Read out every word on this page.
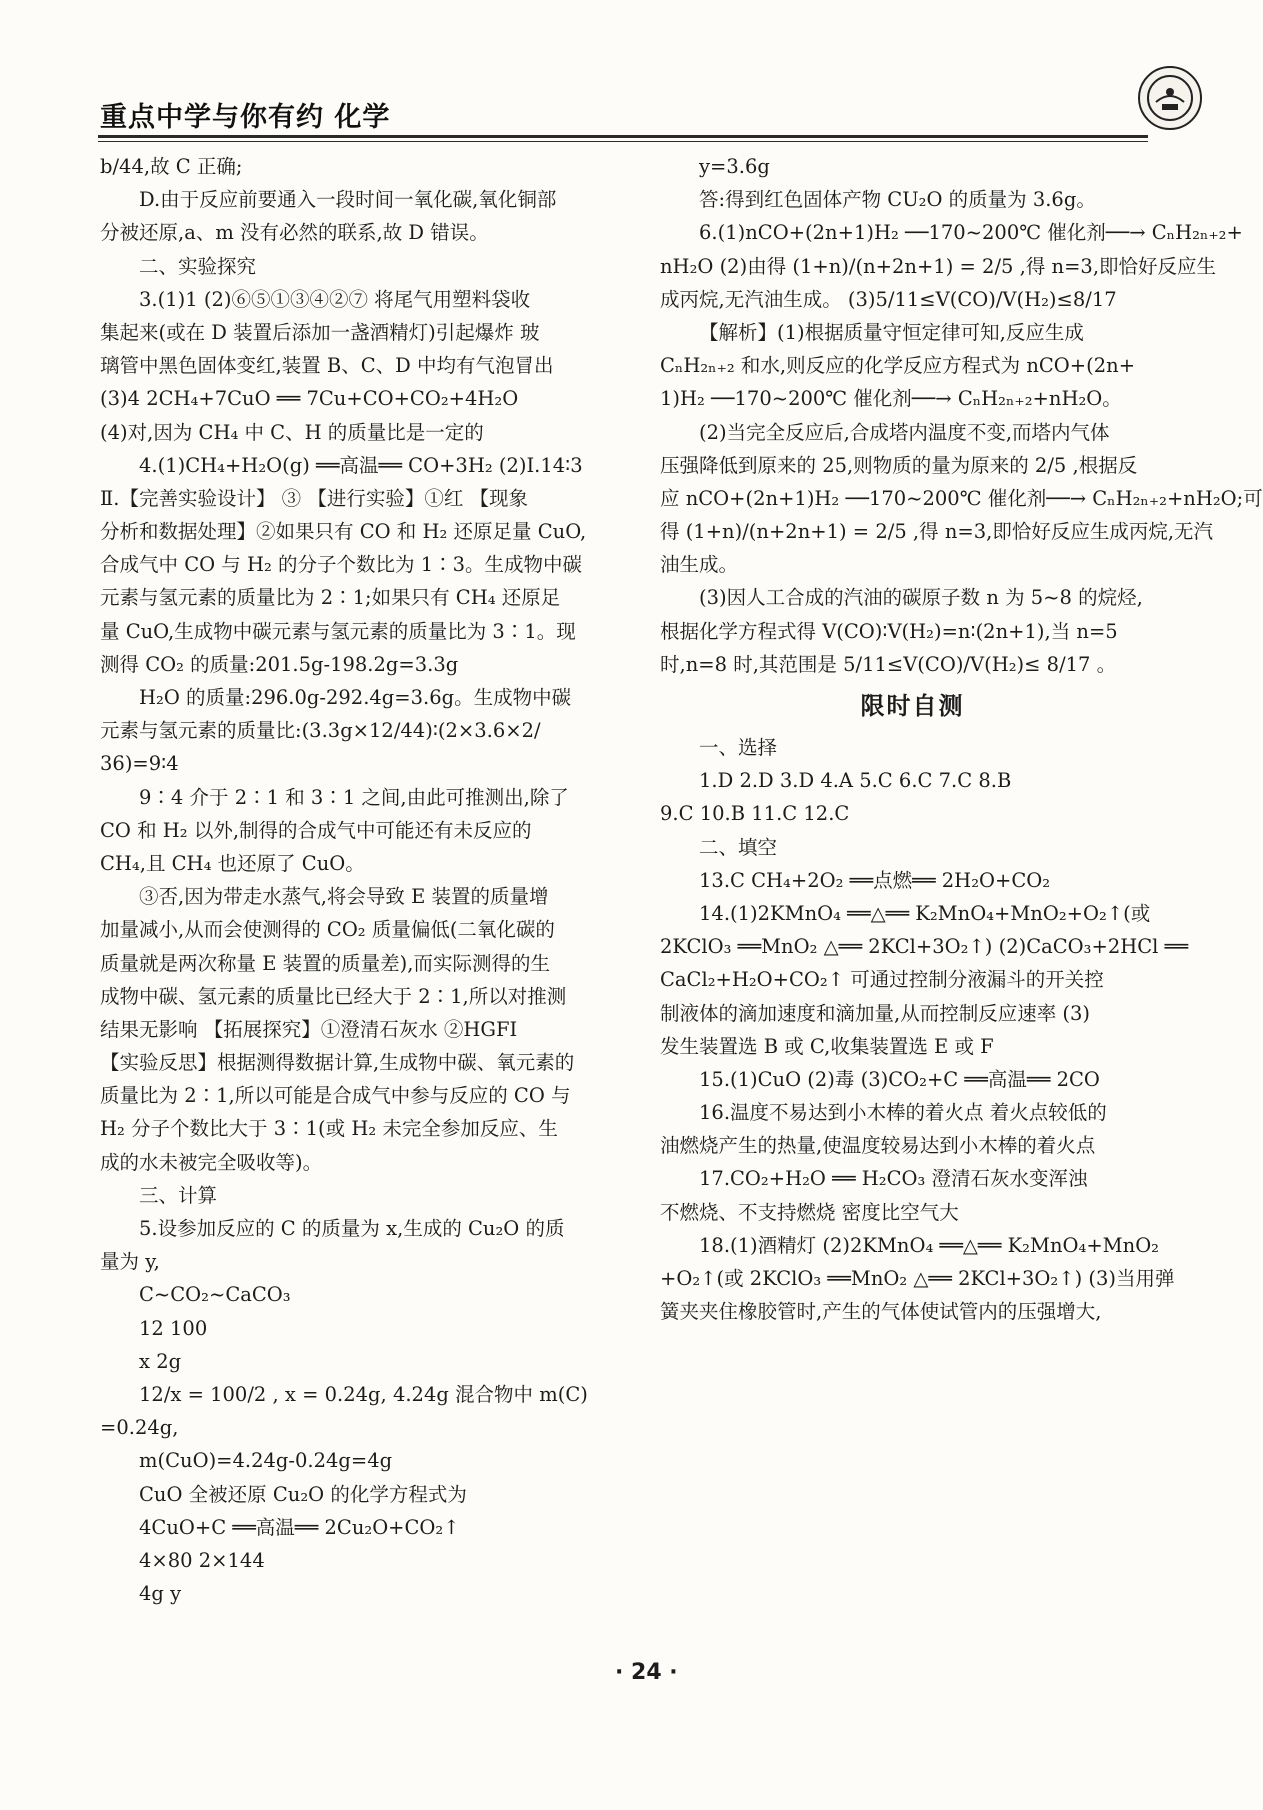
重点中学与你有约 化学
b/44,故 C 正确;
D.由于反应前要通入一段时间一氧化碳,氧化铜部
分被还原,a、m 没有必然的联系,故 D 错误。
二、实验探究
3.(1)1 (2)⑥⑤①③④②⑦ 将尾气用塑料袋收
集起来(或在 D 装置后添加一盏酒精灯)引起爆炸 玻
璃管中黑色固体变红,装置 B、C、D 中均有气泡冒出
(3)4 2CH₄+7CuO ══ 7Cu+CO+CO₂+4H₂O
(4)对,因为 CH₄ 中 C、H 的质量比是一定的
4.(1)CH₄+H₂O(g) ══高温══ CO+3H₂ (2)Ⅰ.14∶3
Ⅱ.【完善实验设计】 ③ 【进行实验】①红 【现象
分析和数据处理】②如果只有 CO 和 H₂ 还原足量 CuO,
合成气中 CO 与 H₂ 的分子个数比为 1∶3。生成物中碳
元素与氢元素的质量比为 2∶1;如果只有 CH₄ 还原足
量 CuO,生成物中碳元素与氢元素的质量比为 3∶1。现
测得 CO₂ 的质量:201.5g-198.2g=3.3g
H₂O 的质量:296.0g-292.4g=3.6g。生成物中碳
元素与氢元素的质量比:(3.3g×12/44)∶(2×3.6×2/
36)=9∶4
9∶4 介于 2∶1 和 3∶1 之间,由此可推测出,除了
CO 和 H₂ 以外,制得的合成气中可能还有未反应的
CH₄,且 CH₄ 也还原了 CuO。
③否,因为带走水蒸气,将会导致 E 装置的质量增
加量减小,从而会使测得的 CO₂ 质量偏低(二氧化碳的
质量就是两次称量 E 装置的质量差),而实际测得的生
成物中碳、氢元素的质量比已经大于 2∶1,所以对推测
结果无影响 【拓展探究】①澄清石灰水 ②HGFI
【实验反思】根据测得数据计算,生成物中碳、氧元素的
质量比为 2∶1,所以可能是合成气中参与反应的 CO 与
H₂ 分子个数比大于 3∶1(或 H₂ 未完全参加反应、生
成的水未被完全吸收等)。
三、计算
5.设参加反应的 C 的质量为 x,生成的 Cu₂O 的质
量为 y,
C~CO₂~CaCO₃
12 100
x 2g
12/x = 100/2 , x = 0.24g, 4.24g 混合物中 m(C)
=0.24g,
m(CuO)=4.24g-0.24g=4g
CuO 全被还原 Cu₂O 的化学方程式为
4CuO+C ══高温══ 2Cu₂O+CO₂↑
4×80 2×144
4g y
y=3.6g
答:得到红色固体产物 CU₂O 的质量为 3.6g。
6.(1)nCO+(2n+1)H₂ ──170~200℃ 催化剂──→ CₙH₂ₙ₊₂+
nH₂O (2)由得 (1+n)/(n+2n+1) = 2/5 ,得 n=3,即恰好反应生
成丙烷,无汽油生成。 (3)5/11≤V(CO)/V(H₂)≤8/17
【解析】(1)根据质量守恒定律可知,反应生成
CₙH₂ₙ₊₂ 和水,则反应的化学反应方程式为 nCO+(2n+
1)H₂ ──170~200℃ 催化剂──→ CₙH₂ₙ₊₂+nH₂O。
(2)当完全反应后,合成塔内温度不变,而塔内气体
压强降低到原来的 25,则物质的量为原来的 2/5 ,根据反
应 nCO+(2n+1)H₂ ──170~200℃ 催化剂──→ CₙH₂ₙ₊₂+nH₂O;可
得 (1+n)/(n+2n+1) = 2/5 ,得 n=3,即恰好反应生成丙烷,无汽
油生成。
(3)因人工合成的汽油的碳原子数 n 为 5~8 的烷烃,
根据化学方程式得 V(CO)∶V(H₂)=n∶(2n+1),当 n=5
时,n=8 时,其范围是 5/11≤V(CO)/V(H₂)≤ 8/17 。
限时自测
一、选择
1.D 2.D 3.D 4.A 5.C 6.C 7.C 8.B
9.C 10.B 11.C 12.C
二、填空
13.C CH₄+2O₂ ══点燃══ 2H₂O+CO₂
14.(1)2KMnO₄ ══△══ K₂MnO₄+MnO₂+O₂↑(或
2KClO₃ ══MnO₂ △══ 2KCl+3O₂↑) (2)CaCO₃+2HCl ══
CaCl₂+H₂O+CO₂↑ 可通过控制分液漏斗的开关控
制液体的滴加速度和滴加量,从而控制反应速率 (3)
发生装置选 B 或 C,收集装置选 E 或 F
15.(1)CuO (2)毒 (3)CO₂+C ══高温══ 2CO
16.温度不易达到小木棒的着火点 着火点较低的
油燃烧产生的热量,使温度较易达到小木棒的着火点
17.CO₂+H₂O ══ H₂CO₃ 澄清石灰水变浑浊
不燃烧、不支持燃烧 密度比空气大
18.(1)酒精灯 (2)2KMnO₄ ══△══ K₂MnO₄+MnO₂
+O₂↑(或 2KClO₃ ══MnO₂ △══ 2KCl+3O₂↑) (3)当用弹
簧夹夹住橡胶管时,产生的气体使试管内的压强增大,
· 24 ·
